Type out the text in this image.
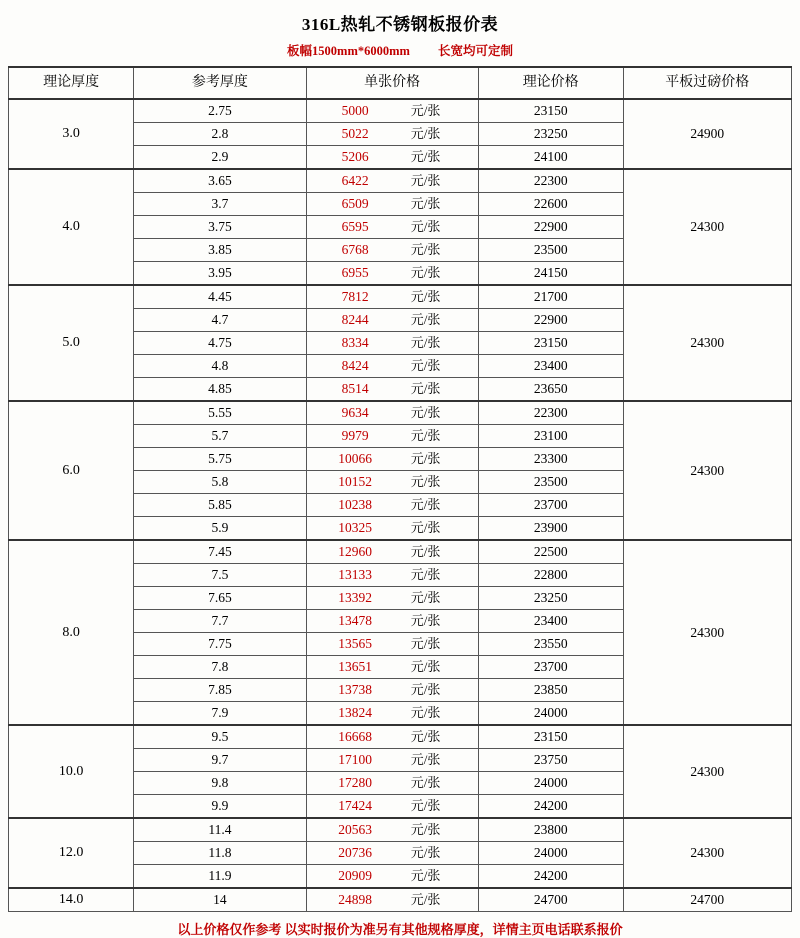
316L热轧不锈钢板报价表
板幅1500mm*6000mm 长宽均可定制
理论厚度	参考厚度	单张价格		理论价格	平板过磅价格
3.0	2.75	5000	元/张	23150	24900
	2.8	5022	元/张	23250	
	2.9	5206	元/张	24100	
4.0	3.65	6422	元/张	22300	24300
	3.7	6509	元/张	22600	
	3.75	6595	元/张	22900	
	3.85	6768	元/张	23500	
	3.95	6955	元/张	24150	
5.0	4.45	7812	元/张	21700	24300
	4.7	8244	元/张	22900	
	4.75	8334	元/张	23150	
	4.8	8424	元/张	23400	
	4.85	8514	元/张	23650	
6.0	5.55	9634	元/张	22300	24300
	5.7	9979	元/张	23100	
	5.75	10066	元/张	23300	
	5.8	10152	元/张	23500	
	5.85	10238	元/张	23700	
	5.9	10325	元/张	23900	
8.0	7.45	12960	元/张	22500	24300
	7.5	13133	元/张	22800	
	7.65	13392	元/张	23250	
	7.7	13478	元/张	23400	
	7.75	13565	元/张	23550	
	7.8	13651	元/张	23700	
	7.85	13738	元/张	23850	
	7.9	13824	元/张	24000	
10.0	9.5	16668	元/张	23150	24300
	9.7	17100	元/张	23750	
	9.8	17280	元/张	24000	
	9.9	17424	元/张	24200	
12.0	11.4	20563	元/张	23800	24300
	11.8	20736	元/张	24000	
	11.9	20909	元/张	24200	
14.0	14	24898	元/张	24700	24700
以上价格仅作参考 以实时报价为准另有其他规格厚度，详情主页电话联系报价
